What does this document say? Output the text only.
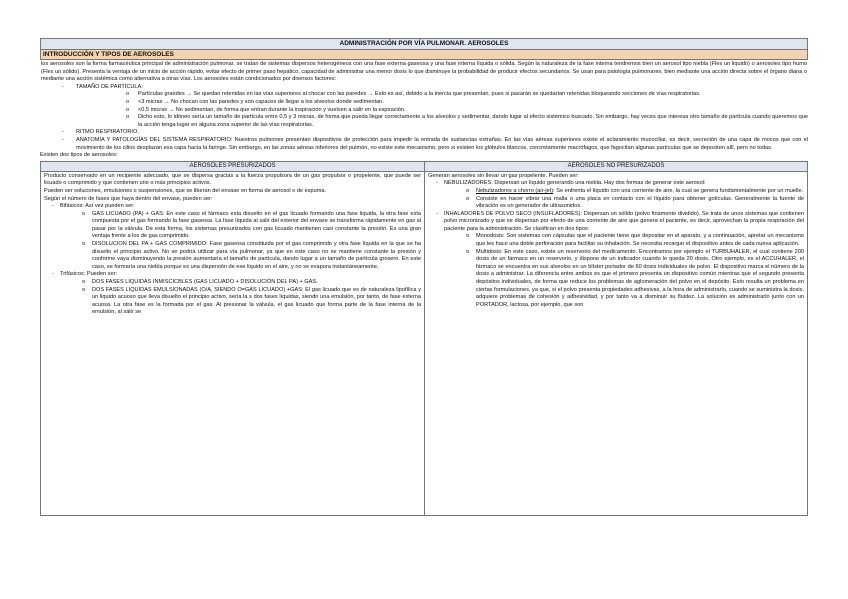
ADMINISTRACIÓN POR VÍA PULMONAR. AEROSOLES
INTRODUCCIÓN Y TIPOS DE AEROSOLES
los aerosoles son la forma farmacéutica principal de administración pulmonar, se tratan de sistemas dispersos heterogéneos con una fase externa gaseosa y una fase interna líquida o sólida. Según la naturaleza de la fase interna tendremos bien un aerosol tipo niebla (Fles un liquido) o aerosoles tipo humo (Fles un sólido). Presenta la ventaja de un inicio de acción rápido, evitar efecto de primer paso hepático, capacidad de administrar una menor dosis lo que disminuye la probabilidad de producir efectos secundarios. Se usan para patología pulmonares, bien mediante una acción directa sobre el órgano diana o mediante una acción sistémica como alternativa a otras vías. Los aerosoles están condicionados por diversos factores:
- TAMAÑO DE PARTÍCULA:
o Partículas grandes → Se quedan retenidas en las vías superiores al chocar con las paredes → Esto es así, debido a la inercia que presentan, pues si pasarán se quedarían retenidas bloqueando secciones de vías respiratorias.
o <3 micras → No chocan con las paredes y son capaces de llegar a los alveolos donde sedimentan.
o <0,5 micras → No sedimentan, de forma que entran durante la inspiración y vuelven a salir en la espiración.
o Dicho esto, lo idóneo sería un tamaño de partícula entre 0,5 y 3 micras, de forma que pueda llegar correctamente a los alveolos y sedimentar, dando lugar al efecto sistémico buscado. Sin embargo, hay veces que interesa otro tamaño de partícula cuando queremos que la acción tenga lugar en alguna zona superior de las vías respiratorias.
- RITMO RESPIRATORIO.
- ANATOMÍA Y PATOLOGÍAS DEL SISTEMA RESPIRATORIO: Nuestros pulmones presentan dispositivos de protección para impedir la entrada de sustancias extrañas. En las vías aéreas superiores existe el aclaramiento mucociliar, es decir, secreción de una capa de mocos que con el movimiento de los cilios desplazan esa capa hacia la faringe. Sin embargo, en las zonas aéreas inferiores del pulmón, no existe este mecanismo, pero si existen los glóbulos blancos, concretamente macrófagos, que fagocitan algunas partículas que se depositen allí, pero no todas.
Existen dos tipos de aerosoles:
AEROSOLES PRESURIZADOS
Producto conservado en un recipiente adecuado, que se dispersa gracias a la fuerza propulsora de un gas propulsor o propelente, que puede ser licuado o comprimido y que contienen uno o más principios activos.
Pueden ser soluciones, emulsiones o suspensiones, que se liberan del envase en forma de aerosol o de espuma.
Según el número de fases que haya dentro del envase, pueden ser:
- Bifásicos: Así vez pueden ser:
o GAS LICUADO (PA) + GAS: En este caso el fármaco esta disuelto en el gas licuado formando una fase liquida, la otra fase esta compuesta por el gas formando la fase gaseosa. La fase líquida al salir del exterior del envase se transforma rápidamente en gas al pasar por la válvula. De esta forma, los sistemas presurizados con gas licuado mantienen casi constante la presión. Es una gran ventaja frente a los de gas comprimido.
o DISOLUCION DEL PA + GAS COMPRIMIDO: Fase gaseosa constituida por el gas comprimido y otra fase líquida en la que se ha disuelto el principio activo. No se podría utilizar para vía pulmonar, ya que en este caso no se mantiene constante la presión y conforme vaya disminuyendo la presión aumentaría el tamaño de partícula, dando lugar a un tamaño de partícula grosero. En este caso, se formaría una niebla porque es una dispersión de ese líquido en el aire, y no se evapora instantáneamente.
- Trifásicos: Pueden ser:
o DOS FASES LÍQUIDAS INMISCICBLES (GAS LICUADO + DISOLUCIÓN DEL PA) + GAS.
o DOS FASES LIQUIDAS EMULSIONADAS (O/A, SIENDO O=GAS LICUADO) +GAS: El gas licuado que es de naturaleza lipofílica y un liquido acuoso que lleva disuelto el principio activo, sería la s dos fases líquidas, siendo una emulsión, por tanto, de fase externa acuosa. La otra fase es la formada por el gas. Al presionar la válvula, el gas licuado que forma parte de la fase interna de la emulsión, al salir se
AEROSOLES NO PRESURIZADOS
Generan aerosoles sin llevar un gas propelente. Pueden ser:
- NEBULIZADORES: Dispersan un líquido generando una niebla. Hay dos formas de generar este aerosol:
o Nebulizadores a chorro (air-jet): Se enfrenta el líquido con una corriente de aire, la cual se genera fundamentalmente por un muelle.
o Consiste en hacer vibrar una malla o una placa en contacto con el líquido para obtener gotículas. Generalmente la fuente de vibración es un generador de ultrasonidos.
- INHALADORES DE POLVO SECO (INSUFLADORES): Dispersan un sólido (polvo finamente dividido). Se trata de unos sistemas que contienen polvo micronizado y que se dispersan por efecto de una corriente de aire que genera el paciente, es decir, aprovechan la propia respiración del paciente para la administración. Se clasifican en dos tipos:
o Monodosis: Son sistemas con cápsulas que el paciente tiene que depositar en el aparato, y a continuación, apretar un mecanismo que les hace una doble perforación para facilitar su inhalación. Se necesita recargar el dispositivo antes de cada nueva aplicación.
o Multidosis: En este caso, existe un reservorio del medicamento. Encontramos por ejemplo el TURBUHALER, el cual contiene 200 dosis de un fármaco en un reservorio, y dispone de un indicador cuando le queda 20 dosis. Otro ejemplo, es el ACCUHALER, el fármaco se encuentra en sus alveolos en un blíster portador de 60 dosis individuales de polvo. El dispositivo marca el número de la dosis a administrar. La diferencia entre ambos es que el primero presenta un dispositivo común mientras que el segundo presenta depósitos individuales, de forma que reduce los problemas de aglomeración del polvo en el depósito. Esto resulta un problema en ciertas formulaciones, ya que, si el polvo presenta propiedades adhesivas, a la hora de administrarlo, cuando se suministra la dosis, adquiere problemas de cohesión y adhesividad, y por tanto va a disminuir su fluidez. La solución es administrarlo junto con un PORTADOR, lactosa, por ejemplo, que son
